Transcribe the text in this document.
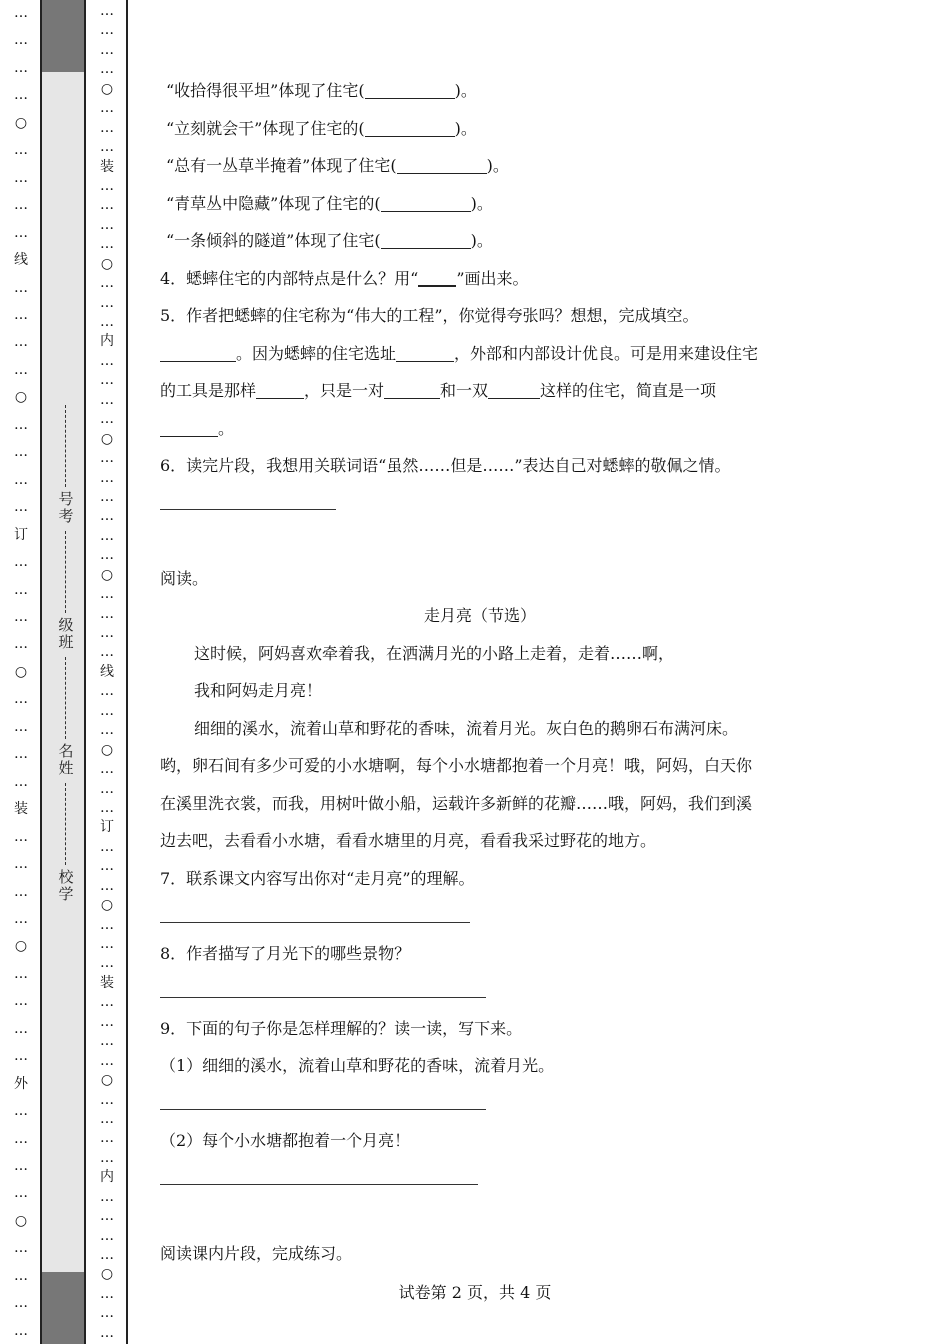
…
…
…
…
○
…
…
…
…
线
…
…
…
…
○
…
…
…
…
订
…
…
…
…
○
…
…
…
…
装
…
…
…
…
○
…
…
…
…
外
…
…
…
…
○
…
…
…
…
号考
级班
名姓
校学
…
…
…
…
○
…
…
…
装
…
…
…
…
○
…
…
…
内
…
…
…
…
○
…
…
…
…
…
…
○
…
…
…
…
线
…
…
…
○
…
…
…
订
…
…
…
○
…
…
…
装
…
…
…
…
○
…
…
…
…
内
…
…
…
…
○
…
…
…
“收拾得很平坦”体现了住宅(	)。
“立刻就会干”体现了住宅的(	)。
“总有一丛草半掩着”体现了住宅(	)。
“青草丛中隐藏”体现了住宅的(	)。
“一条倾斜的隧道”体现了住宅(	)。
4．蟋蟀住宅的内部特点是什么？用“ ”画出来。
5．作者把蟋蟀的住宅称为“伟大的工程”，你觉得夸张吗？想想，完成填空。
。因为蟋蟀的住宅选址	，外部和内部设计优良。可是用来建设住宅
的工具是那样	，只是一对	和一双	这样的住宅，简直是一项
。
6．读完片段，我想用关联词语“虽然……但是……”表达自己对蟋蟀的敬佩之情。
阅读。
走月亮（节选）
这时候，阿妈喜欢牵着我，在洒满月光的小路上走着，走着……啊，
我和阿妈走月亮！
细细的溪水，流着山草和野花的香味，流着月光。灰白色的鹅卵石布满河床。
哟，卵石间有多少可爱的小水塘啊，每个小水塘都抱着一个月亮！哦，阿妈，白天你
在溪里洗衣裳，而我，用树叶做小船，运载许多新鲜的花瓣……哦，阿妈，我们到溪
边去吧，去看看小水塘，看看水塘里的月亮，看看我采过野花的地方。
7．联系课文内容写出你对“走月亮”的理解。
8．作者描写了月光下的哪些景物？
9．下面的句子你是怎样理解的？读一读，写下来。
（1）细细的溪水，流着山草和野花的香味，流着月光。
（2）每个小水塘都抱着一个月亮！
阅读课内片段，完成练习。
试卷第 2 页，共 4 页
